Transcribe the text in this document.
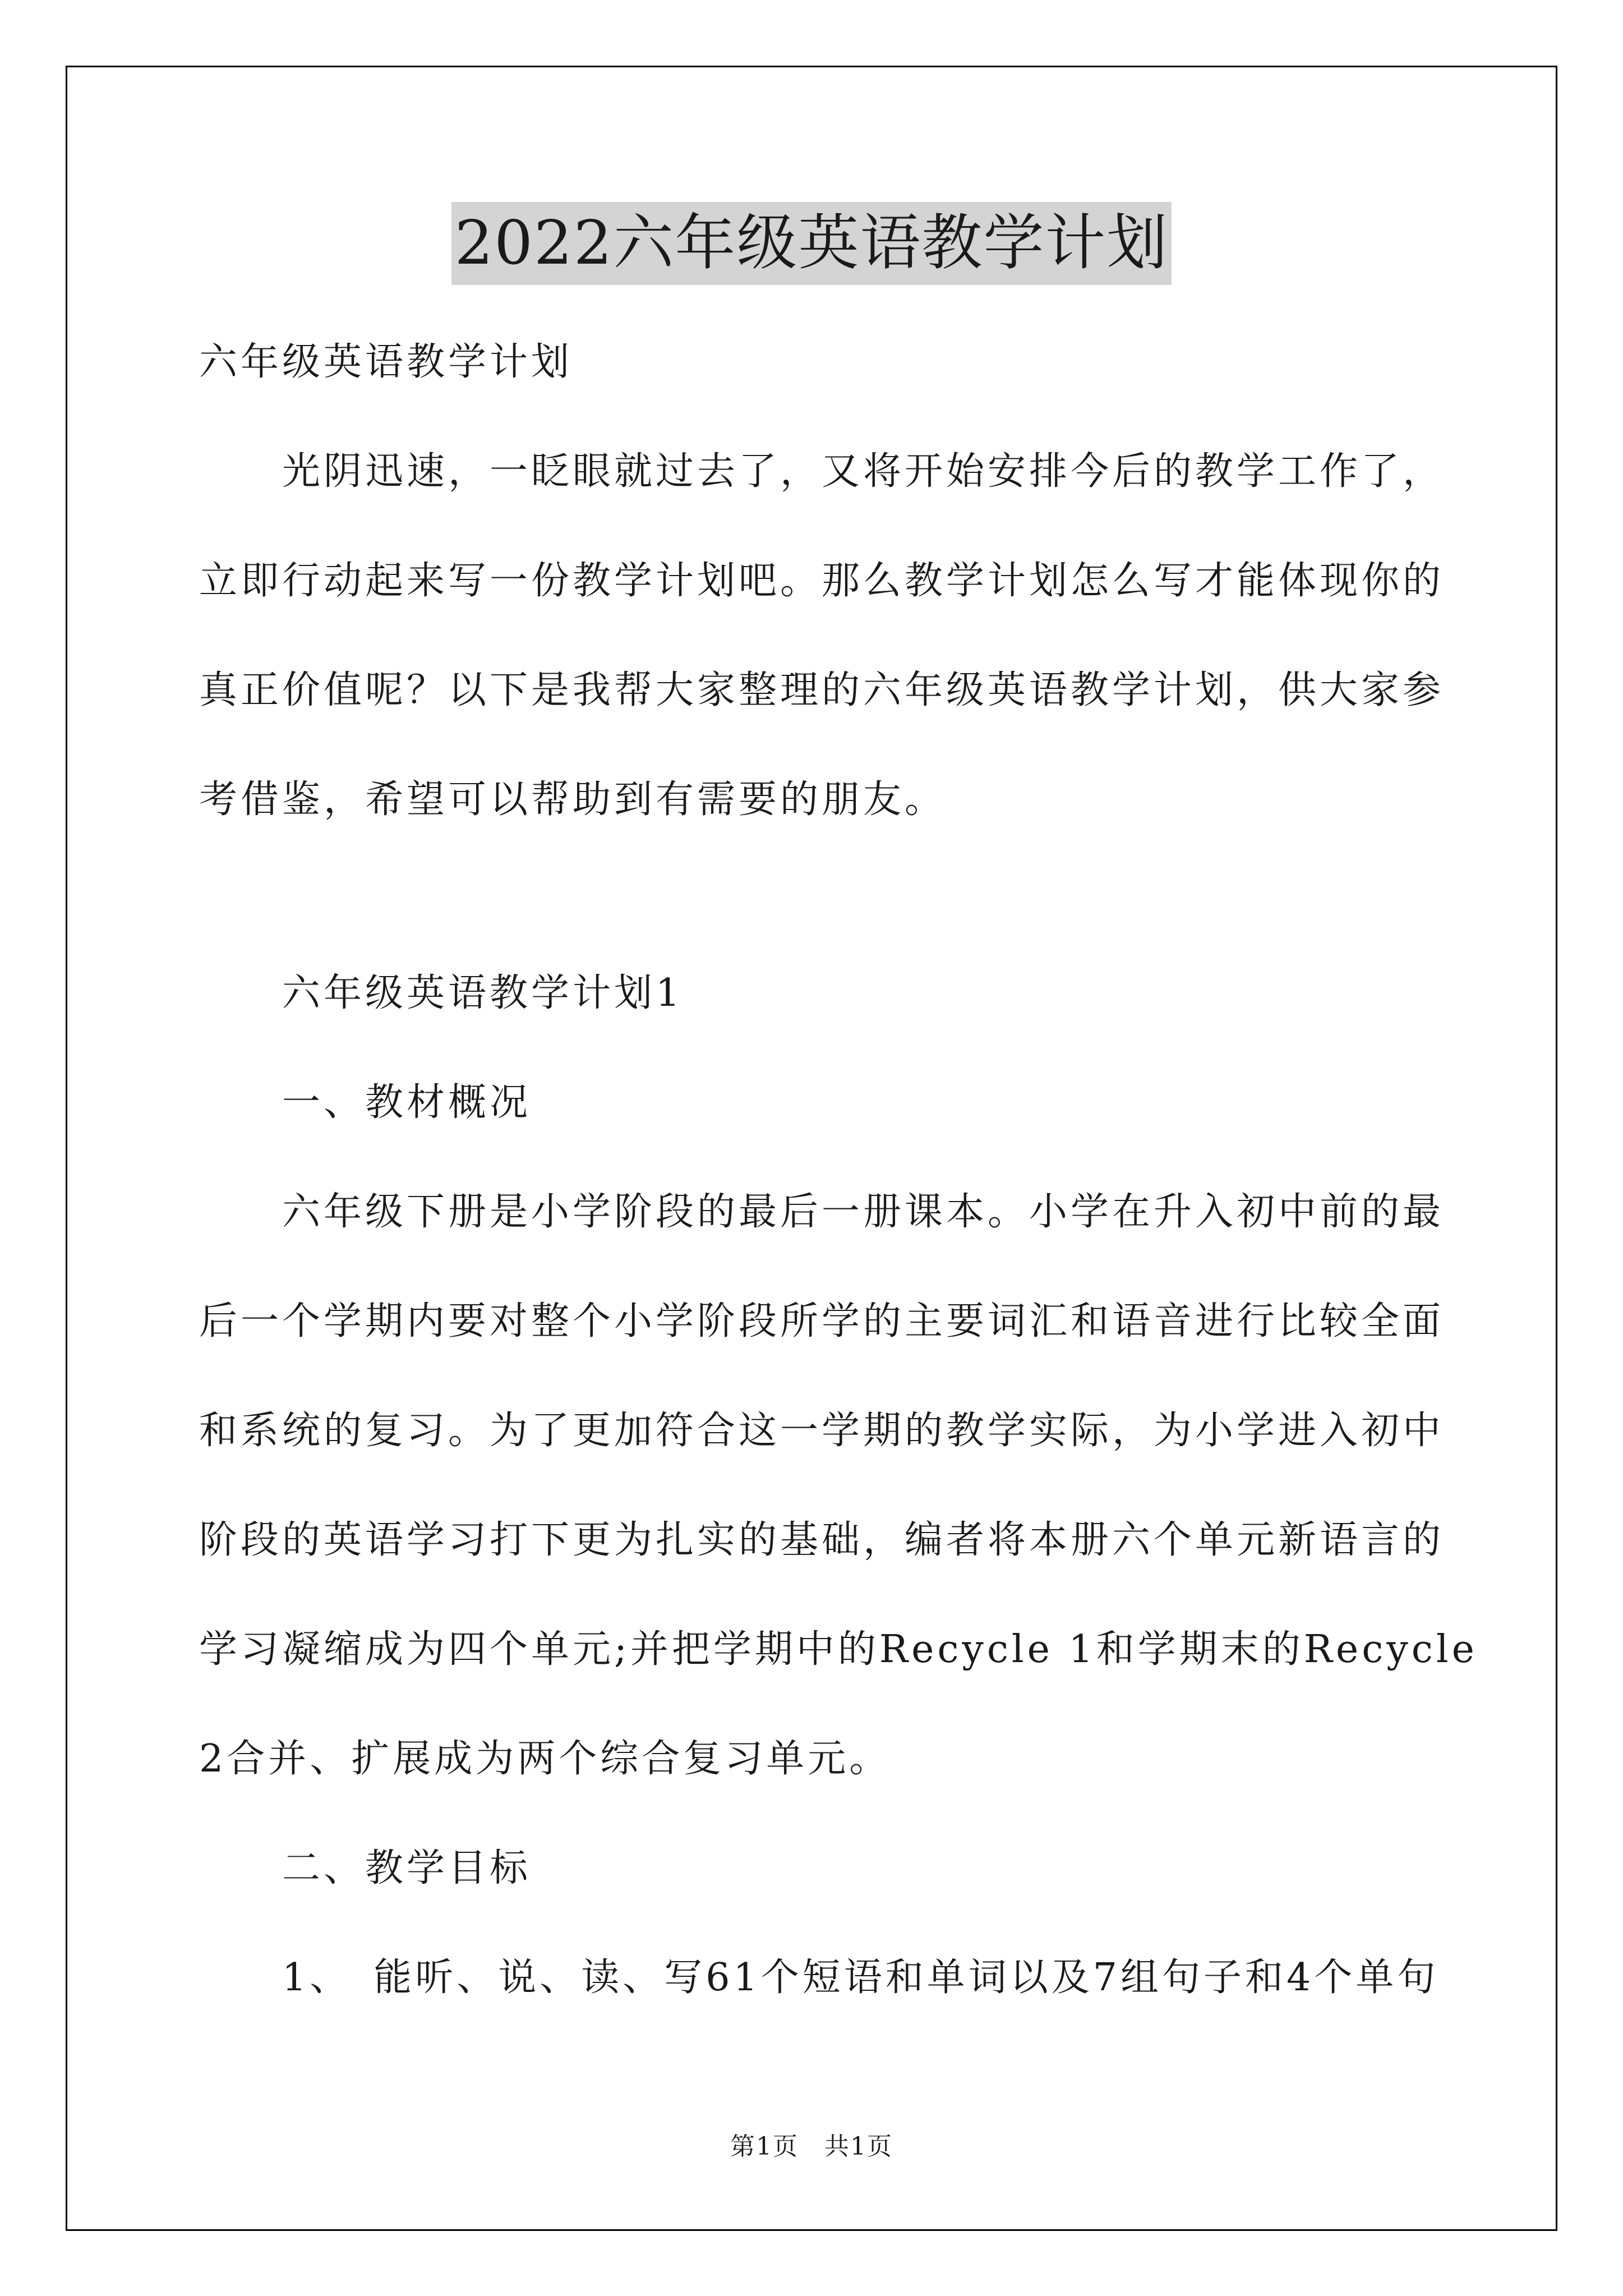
2022六年级英语教学计划
六年级英语教学计划
　　光阴迅速，一眨眼就过去了，又将开始安排今后的教学工作了，
立即行动起来写一份教学计划吧。那么教学计划怎么写才能体现你的
真正价值呢？以下是我帮大家整理的六年级英语教学计划，供大家参
考借鉴，希望可以帮助到有需要的朋友。
　　六年级英语教学计划1
　　一、教材概况
　　六年级下册是小学阶段的最后一册课本。小学在升入初中前的最
后一个学期内要对整个小学阶段所学的主要词汇和语音进行比较全面
和系统的复习。为了更加符合这一学期的教学实际，为小学进入初中
阶段的英语学习打下更为扎实的基础，编者将本册六个单元新语言的
学习凝缩成为四个单元;并把学期中的Recycle 1和学期末的Recycle
2合并、扩展成为两个综合复习单元。
　　二、教学目标
　　1、　能听、说、读、写61个短语和单词以及7组句子和4个单句
第1页　共1页
